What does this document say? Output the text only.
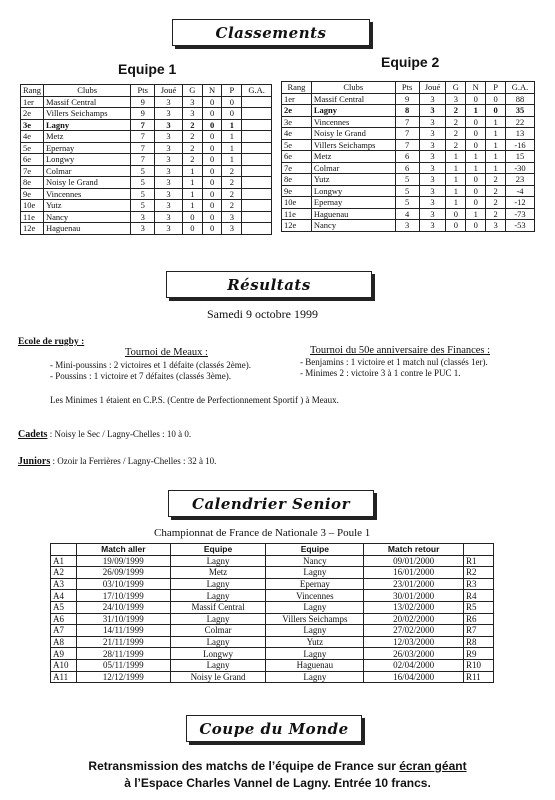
Classements
Equipe 1	Equipe 2
Rang	Clubs	Pts	Joué	G	N	P	G.A.
1er	Massif Central	9	3	3	0	0	
2e	Villers Seichamps	9	3	3	0	0	
3e	Lagny	7	3	2	0	1	
4e	Metz	7	3	2	0	1	
5e	Epernay	7	3	2	0	1	
6e	Longwy	7	3	2	0	1	
7e	Colmar	5	3	1	0	2	
8e	Noisy le Grand	5	3	1	0	2	
9e	Vincennes	5	3	1	0	2	
10e	Yutz	5	3	1	0	2	
11e	Nancy	3	3	0	0	3	
12e	Haguenau	3	3	0	0	3	
Rang	Clubs	Pts	Joué	G	N	P	G.A.
1er	Massif Central	9	3	3	0	0	88
2e	Lagny	8	3	2	1	0	35
3e	Vincennes	7	3	2	0	1	22
4e	Noisy le Grand	7	3	2	0	1	13
5e	Villers Seichamps	7	3	2	0	1	-16
6e	Metz	6	3	1	1	1	15
7e	Colmar	6	3	1	1	1	-30
8e	Yutz	5	3	1	0	2	23
9e	Longwy	5	3	1	0	2	-4
10e	Epernay	5	3	1	0	2	-12
11e	Haguenau	4	3	0	1	2	-73
12e	Nancy	3	3	0	0	3	-53
Résultats
Samedi 9 octobre 1999
Ecole de rugby :
Tournoi de Meaux :
- Mini-poussins : 2 victoires et 1 défaite (classés 2ème).
- Poussins : 1 victoire et 7 défaites (classés 3ème).
Tournoi du 50e anniversaire des Finances :
- Benjamins : 1 victoire et 1 match nul (classés 1er).
- Minimes 2 : victoire 3 à 1 contre le PUC 1.
Les Minimes 1 étaient en C.P.S. (Centre de Perfectionnement Sportif ) à Meaux.
Cadets : Noisy le Sec / Lagny-Chelles : 10 à 0.
Juniors : Ozoir la Ferrières / Lagny-Chelles : 32 à 10.
Calendrier Senior
Championnat de France de Nationale 3 – Poule 1
	Match aller	Equipe	Equipe	Match retour	
A1	19/09/1999	Lagny	Nancy	09/01/2000	R1
A2	26/09/1999	Metz	Lagny	16/01/2000	R2
A3	03/10/1999	Lagny	Epernay	23/01/2000	R3
A4	17/10/1999	Lagny	Vincennes	30/01/2000	R4
A5	24/10/1999	Massif Central	Lagny	13/02/2000	R5
A6	31/10/1999	Lagny	Villers Seichamps	20/02/2000	R6
A7	14/11/1999	Colmar	Lagny	27/02/2000	R7
A8	21/11/1999	Lagny	Yutz	12/03/2000	R8
A9	28/11/1999	Longwy	Lagny	26/03/2000	R9
A10	05/11/1999	Lagny	Haguenau	02/04/2000	R10
A11	12/12/1999	Noisy le Grand	Lagny	16/04/2000	R11
Coupe du Monde
Retransmission des matchs de l’équipe de France sur écran géant
à l’Espace Charles Vannel de Lagny. Entrée 10 francs.
